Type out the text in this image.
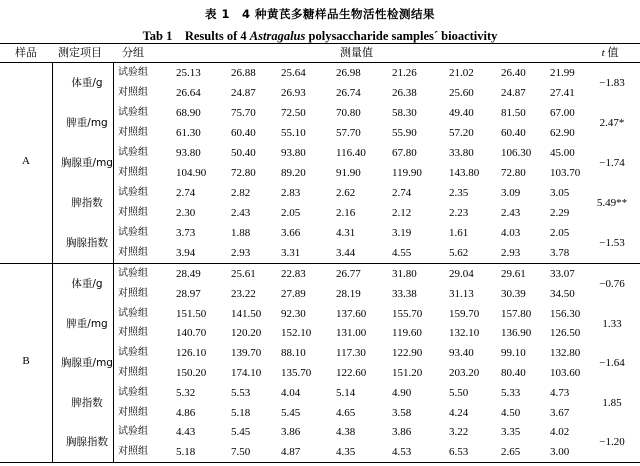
表 1　4 种黄芪多糖样品生物活性检测结果
Tab 1　Results of 4 Astragalus polysaccharide samples´ bioactivity
样品	测定项目	分组	测量值	t 值
A
体重/g	−1.83
试验组	25.13	26.88	25.64	26.98	21.26	21.02	26.40	21.99
对照组	26.64	24.87	26.93	26.74	26.38	25.60	24.87	27.41
脾重/mg	2.47*
试验组	68.90	75.70	72.50	70.80	58.30	49.40	81.50	67.00
对照组	61.30	60.40	55.10	57.70	55.90	57.20	60.40	62.90
胸腺重/mg	−1.74
试验组	93.80	50.40	93.80	116.40	67.80	33.80	106.30	45.00
对照组	104.90	72.80	89.20	91.90	119.90	143.80	72.80	103.70
脾指数	5.49**
试验组	2.74	2.82	2.83	2.62	2.74	2.35	3.09	3.05
对照组	2.30	2.43	2.05	2.16	2.12	2.23	2.43	2.29
胸腺指数	−1.53
试验组	3.73	1.88	3.66	4.31	3.19	1.61	4.03	2.05
对照组	3.94	2.93	3.31	3.44	4.55	5.62	2.93	3.78
B
体重/g	−0.76
试验组	28.49	25.61	22.83	26.77	31.80	29.04	29.61	33.07
对照组	28.97	23.22	27.89	28.19	33.38	31.13	30.39	34.50
脾重/mg	1.33
试验组	151.50	141.50	92.30	137.60	155.70	159.70	157.80	156.30
对照组	140.70	120.20	152.10	131.00	119.60	132.10	136.90	126.50
胸腺重/mg	−1.64
试验组	126.10	139.70	88.10	117.30	122.90	93.40	99.10	132.80
对照组	150.20	174.10	135.70	122.60	151.20	203.20	80.40	103.60
脾指数	1.85
试验组	5.32	5.53	4.04	5.14	4.90	5.50	5.33	4.73
对照组	4.86	5.18	5.45	4.65	3.58	4.24	4.50	3.67
胸腺指数	−1.20
试验组	4.43	5.45	3.86	4.38	3.86	3.22	3.35	4.02
对照组	5.18	7.50	4.87	4.35	4.53	6.53	2.65	3.00
